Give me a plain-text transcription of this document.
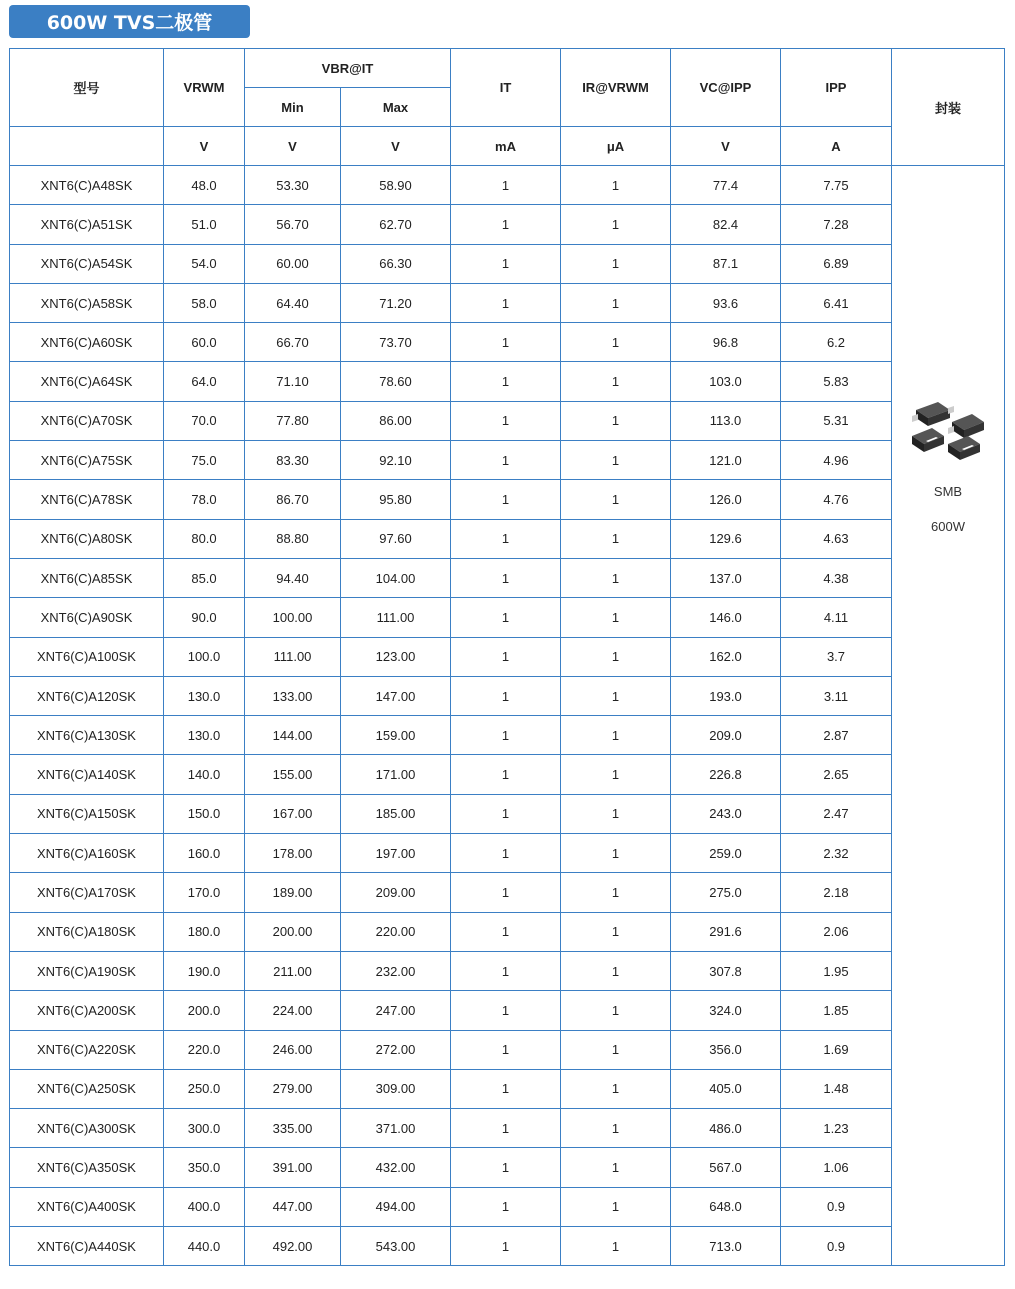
600W TVS二极管
型号	VRWM	VBR@IT		IT	IR@VRWM	VC@IPP	IPP	封装
		Min	Max					
	V	V	V	mA	μA	V	A	
XNT6(C)A48SK	48.0	53.30	58.90	1	1	77.4	7.75	SMB
600W

XNT6(C)A51SK	51.0	56.70	62.70	1	1	82.4	7.28	
XNT6(C)A54SK	54.0	60.00	66.30	1	1	87.1	6.89	
XNT6(C)A58SK	58.0	64.40	71.20	1	1	93.6	6.41	
XNT6(C)A60SK	60.0	66.70	73.70	1	1	96.8	6.2	
XNT6(C)A64SK	64.0	71.10	78.60	1	1	103.0	5.83	
XNT6(C)A70SK	70.0	77.80	86.00	1	1	113.0	5.31	
XNT6(C)A75SK	75.0	83.30	92.10	1	1	121.0	4.96	
XNT6(C)A78SK	78.0	86.70	95.80	1	1	126.0	4.76	
XNT6(C)A80SK	80.0	88.80	97.60	1	1	129.6	4.63	
XNT6(C)A85SK	85.0	94.40	104.00	1	1	137.0	4.38	
XNT6(C)A90SK	90.0	100.00	111.00	1	1	146.0	4.11	
XNT6(C)A100SK	100.0	111.00	123.00	1	1	162.0	3.7	
XNT6(C)A120SK	130.0	133.00	147.00	1	1	193.0	3.11	
XNT6(C)A130SK	130.0	144.00	159.00	1	1	209.0	2.87	
XNT6(C)A140SK	140.0	155.00	171.00	1	1	226.8	2.65	
XNT6(C)A150SK	150.0	167.00	185.00	1	1	243.0	2.47	
XNT6(C)A160SK	160.0	178.00	197.00	1	1	259.0	2.32	
XNT6(C)A170SK	170.0	189.00	209.00	1	1	275.0	2.18	
XNT6(C)A180SK	180.0	200.00	220.00	1	1	291.6	2.06	
XNT6(C)A190SK	190.0	211.00	232.00	1	1	307.8	1.95	
XNT6(C)A200SK	200.0	224.00	247.00	1	1	324.0	1.85	
XNT6(C)A220SK	220.0	246.00	272.00	1	1	356.0	1.69	
XNT6(C)A250SK	250.0	279.00	309.00	1	1	405.0	1.48	
XNT6(C)A300SK	300.0	335.00	371.00	1	1	486.0	1.23	
XNT6(C)A350SK	350.0	391.00	432.00	1	1	567.0	1.06	
XNT6(C)A400SK	400.0	447.00	494.00	1	1	648.0	0.9	
XNT6(C)A440SK	440.0	492.00	543.00	1	1	713.0	0.9	
